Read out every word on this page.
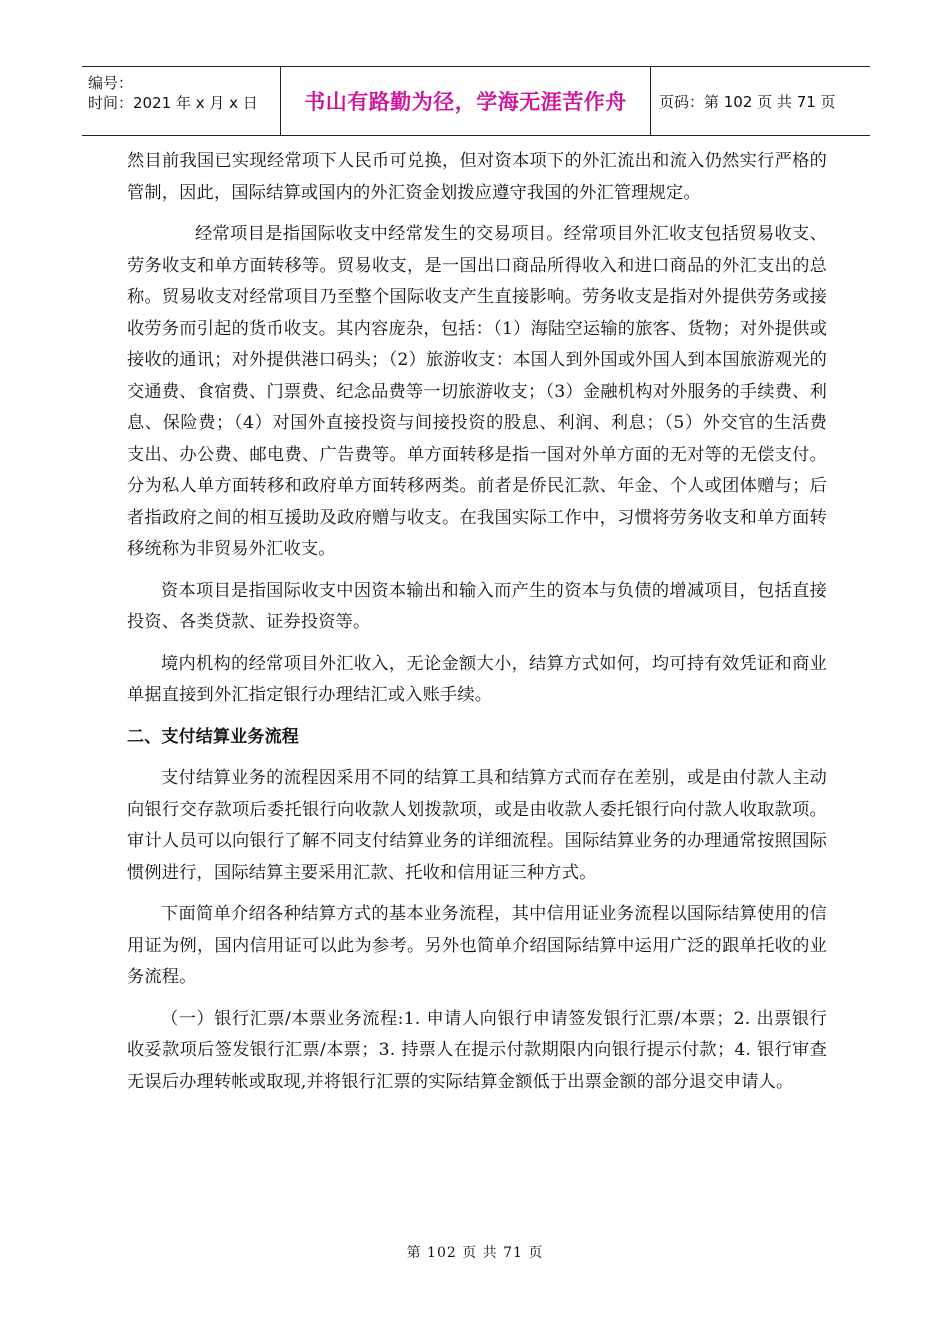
编号：
时间：2021 年 x 月 x 日	书山有路勤为径，学海无涯苦作舟	页码：第 102 页 共 71 页

然目前我国已实现经常项下人民币可兑换，但对资本项下的外汇流出和流入仍然实行严格的管制，因此，国际结算或国内的外汇资金划拨应遵守我国的外汇管理规定。

经常项目是指国际收支中经常发生的交易项目。经常项目外汇收支包括贸易收支、劳务收支和单方面转移等。贸易收支，是一国出口商品所得收入和进口商品的外汇支出的总称。贸易收支对经常项目乃至整个国际收支产生直接影响。劳务收支是指对外提供劳务或接收劳务而引起的货币收支。其内容庞杂，包括：（1）海陆空运输的旅客、货物；对外提供或接收的通讯；对外提供港口码头；（2）旅游收支：本国人到外国或外国人到本国旅游观光的交通费、食宿费、门票费、纪念品费等一切旅游收支；（3）金融机构对外服务的手续费、利息、保险费；（4）对国外直接投资与间接投资的股息、利润、利息；（5）外交官的生活费支出、办公费、邮电费、广告费等。单方面转移是指一国对外单方面的无对等的无偿支付。分为私人单方面转移和政府单方面转移两类。前者是侨民汇款、年金、个人或团体赠与；后者指政府之间的相互援助及政府赠与收支。在我国实际工作中，习惯将劳务收支和单方面转移统称为非贸易外汇收支。

资本项目是指国际收支中因资本输出和输入而产生的资本与负债的增减项目，包括直接投资、各类贷款、证券投资等。

境内机构的经常项目外汇收入，无论金额大小，结算方式如何，均可持有效凭证和商业单据直接到外汇指定银行办理结汇或入账手续。

二、支付结算业务流程

支付结算业务的流程因采用不同的结算工具和结算方式而存在差别，或是由付款人主动向银行交存款项后委托银行向收款人划拨款项，或是由收款人委托银行向付款人收取款项。审计人员可以向银行了解不同支付结算业务的详细流程。国际结算业务的办理通常按照国际惯例进行，国际结算主要采用汇款、托收和信用证三种方式。

下面简单介绍各种结算方式的基本业务流程，其中信用证业务流程以国际结算使用的信用证为例，国内信用证可以此为参考。另外也简单介绍国际结算中运用广泛的跟单托收的业务流程。

（一）银行汇票/本票业务流程:1. 申请人向银行申请签发银行汇票/本票；2. 出票银行收妥款项后签发银行汇票/本票；3. 持票人在提示付款期限内向银行提示付款；4. 银行审查无误后办理转帐或取现,并将银行汇票的实际结算金额低于出票金额的部分退交申请人。

第 102 页 共 71 页
